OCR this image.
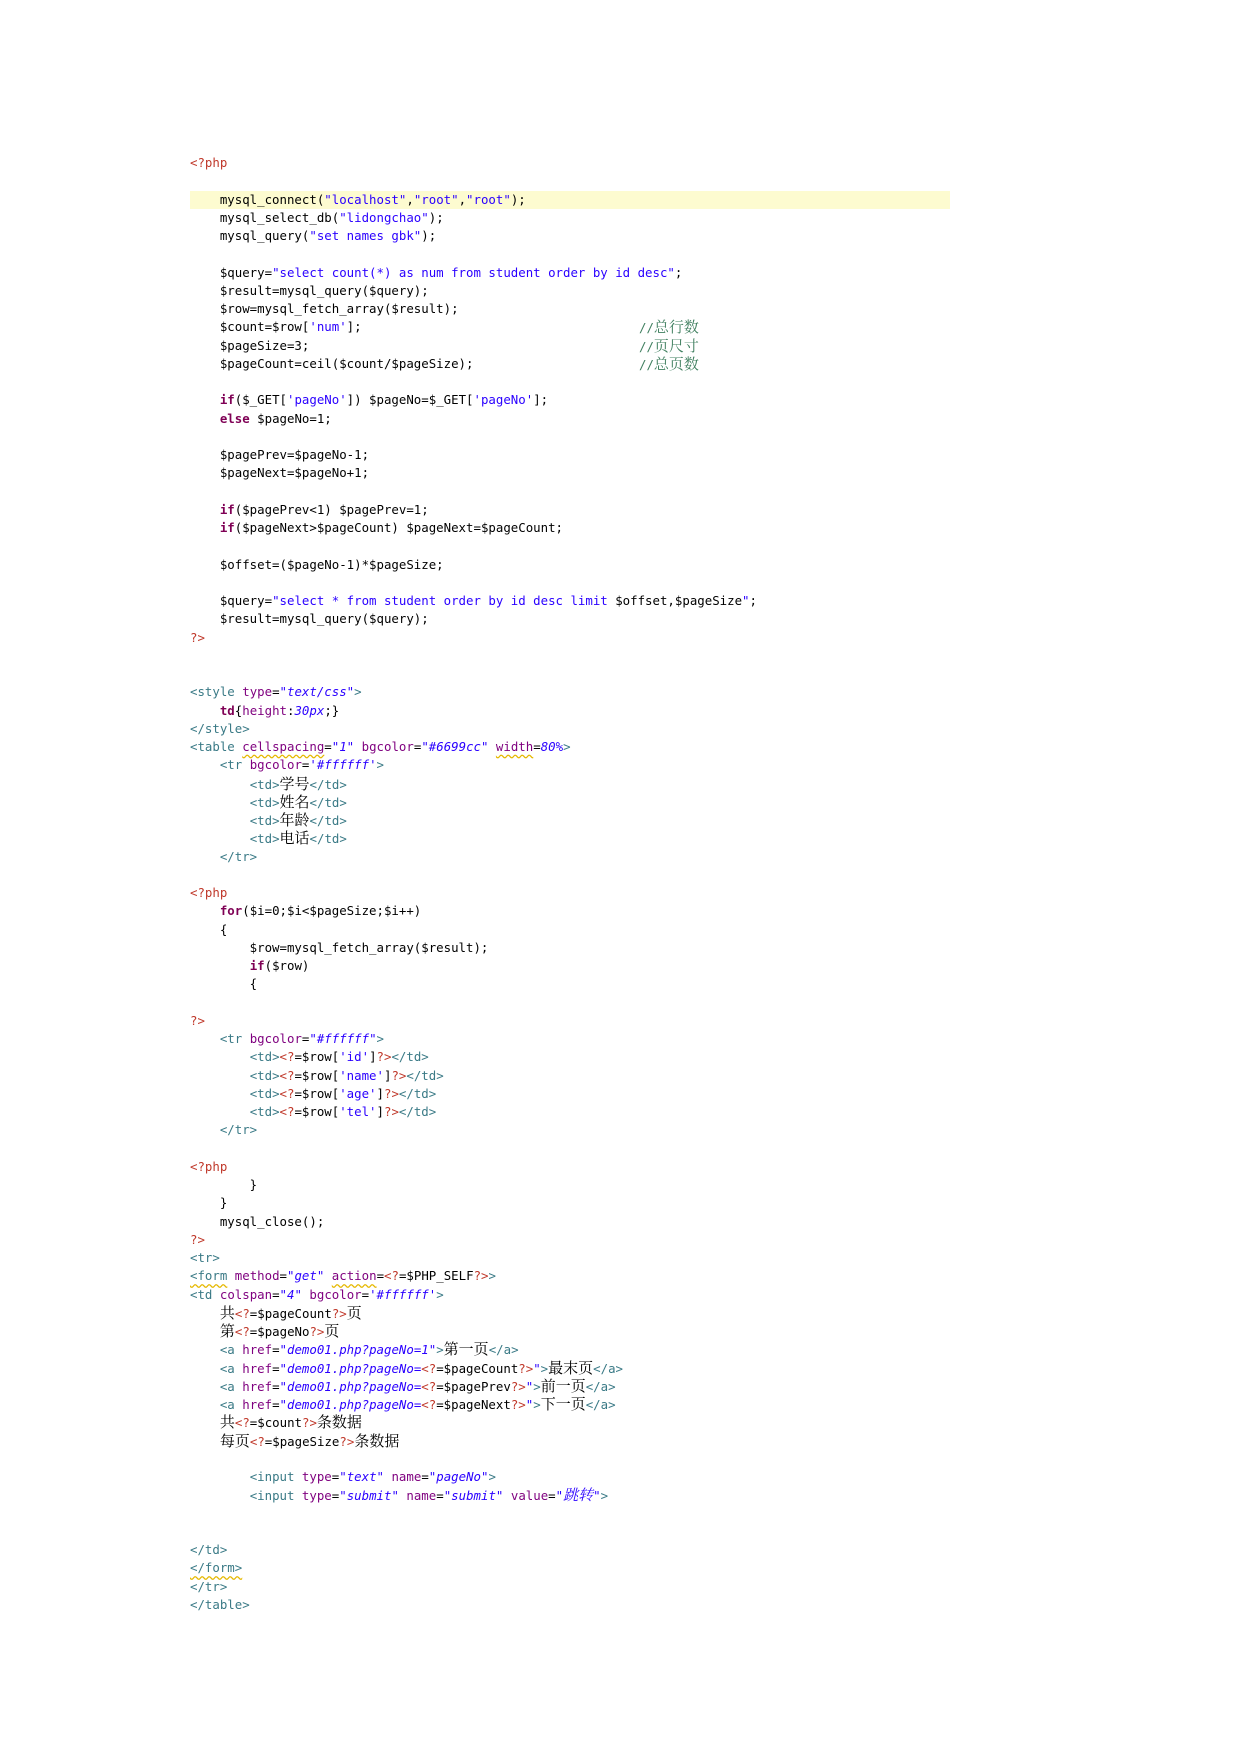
<?php
mysql_connect("localhost","root","root");
mysql_select_db("lidongchao");
mysql_query("set names gbk");
$query="select count(*) as num from student order by id desc";
$result=mysql_query($query);
$row=mysql_fetch_array($result);
$count=$row['num'];	//总行数
$pageSize=3;	//页尺寸
$pageCount=ceil($count/$pageSize);	//总页数
if($_GET['pageNo']) $pageNo=$_GET['pageNo'];
else $pageNo=1;
$pagePrev=$pageNo-1;
$pageNext=$pageNo+1;
if($pagePrev<1) $pagePrev=1;
if($pageNext>$pageCount) $pageNext=$pageCount;
$offset=($pageNo-1)*$pageSize;
$query="select * from student order by id desc limit $offset,$pageSize";
$result=mysql_query($query);
?>
<style type="text/css">
td{height:30px;}
</style>
<table cellspacing="1" bgcolor="#6699cc" width=80%>
<tr bgcolor='#ffffff'>
<td>学号</td>
<td>姓名</td>
<td>年龄</td>
<td>电话</td>
</tr>
<?php
for($i=0;$i<$pageSize;$i++)
{
$row=mysql_fetch_array($result);
if($row)
{
?>
<tr bgcolor="#ffffff">
<td><?=$row['id']?></td>
<td><?=$row['name']?></td>
<td><?=$row['age']?></td>
<td><?=$row['tel']?></td>
</tr>
<?php
}
}
mysql_close();
?>
<tr>
<form method="get" action=<?=$PHP_SELF?>>
<td colspan="4" bgcolor='#ffffff'>
共<?=$pageCount?>页
第<?=$pageNo?>页
<a href="demo01.php?pageNo=1">第一页</a>
<a href="demo01.php?pageNo=<?=$pageCount?>">最末页</a>
<a href="demo01.php?pageNo=<?=$pagePrev?>">前一页</a>
<a href="demo01.php?pageNo=<?=$pageNext?>">下一页</a>
共<?=$count?>条数据
每页<?=$pageSize?>条数据
<input type="text" name="pageNo">
<input type="submit" name="submit" value="跳转">
</td>
</form>
</tr>
</table>
